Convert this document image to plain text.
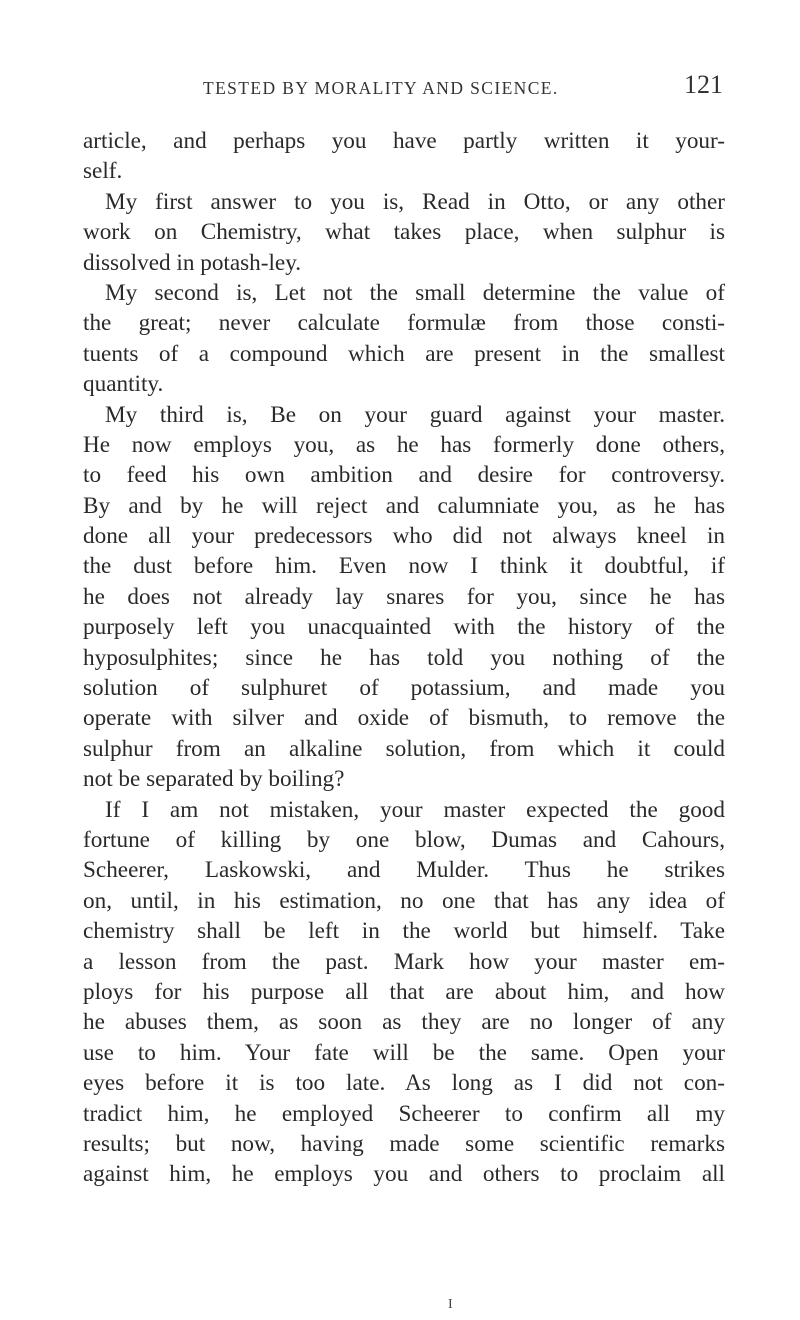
TESTED BY MORALITY AND SCIENCE.	121
article, and perhaps you have partly written it your-
self.
My first answer to you is, Read in Otto, or any other
work on Chemistry, what takes place, when sulphur is
dissolved in potash-ley.
My second is, Let not the small determine the value of
the great; never calculate formulæ from those consti-
tuents of a compound which are present in the smallest
quantity.
My third is, Be on your guard against your master.
He now employs you, as he has formerly done others,
to feed his own ambition and desire for controversy.
By and by he will reject and calumniate you, as he has
done all your predecessors who did not always kneel in
the dust before him. Even now I think it doubtful, if
he does not already lay snares for you, since he has
purposely left you unacquainted with the history of the
hyposulphites; since he has told you nothing of the
solution of sulphuret of potassium, and made you
operate with silver and oxide of bismuth, to remove the
sulphur from an alkaline solution, from which it could
not be separated by boiling?
If I am not mistaken, your master expected the good
fortune of killing by one blow, Dumas and Cahours,
Scheerer, Laskowski, and Mulder. Thus he strikes
on, until, in his estimation, no one that has any idea of
chemistry shall be left in the world but himself. Take
a lesson from the past. Mark how your master em-
ploys for his purpose all that are about him, and how
he abuses them, as soon as they are no longer of any
use to him. Your fate will be the same. Open your
eyes before it is too late. As long as I did not con-
tradict him, he employed Scheerer to confirm all my
results; but now, having made some scientific remarks
against him, he employs you and others to proclaim all
I
